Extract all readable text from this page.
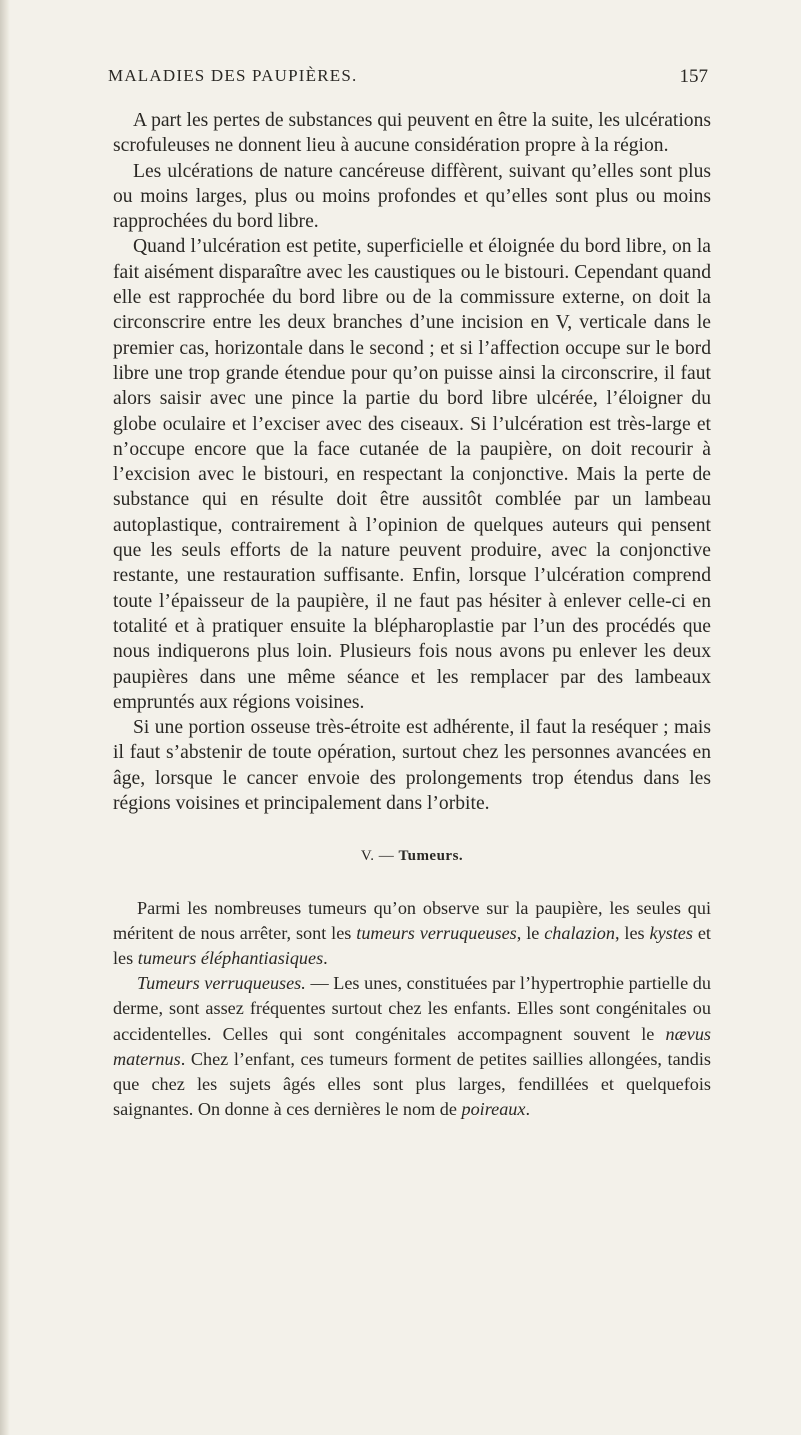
MALADIES DES PAUPIÈRES.	157

A part les pertes de substances qui peuvent en être la suite, les ulcérations scrofuleuses ne donnent lieu à aucune considération propre à la région.

Les ulcérations de nature cancéreuse diffèrent, suivant qu’elles sont plus ou moins larges, plus ou moins profondes et qu’elles sont plus ou moins rapprochées du bord libre.

Quand l’ulcération est petite, superficielle et éloignée du bord libre, on la fait aisément disparaître avec les caustiques ou le bistouri. Cependant quand elle est rapprochée du bord libre ou de la commissure externe, on doit la circonscrire entre les deux branches d’une incision en V, verticale dans le premier cas, horizontale dans le second ; et si l’affection occupe sur le bord libre une trop grande étendue pour qu’on puisse ainsi la circonscrire, il faut alors saisir avec une pince la partie du bord libre ulcérée, l’éloigner du globe oculaire et l’exciser avec des ciseaux. Si l’ulcération est très-large et n’occupe encore que la face cutanée de la paupière, on doit recourir à l’excision avec le bistouri, en respectant la conjonctive. Mais la perte de substance qui en résulte doit être aussitôt comblée par un lambeau autoplastique, contrairement à l’opinion de quelques auteurs qui pensent que les seuls efforts de la nature peuvent produire, avec la conjonctive restante, une restauration suffisante. Enfin, lorsque l’ulcération comprend toute l’épaisseur de la paupière, il ne faut pas hésiter à enlever celle-ci en totalité et à pratiquer ensuite la blépharoplastie par l’un des procédés que nous indiquerons plus loin. Plusieurs fois nous avons pu enlever les deux paupières dans une même séance et les remplacer par des lambeaux empruntés aux régions voisines.

Si une portion osseuse très-étroite est adhérente, il faut la reséquer ; mais il faut s’abstenir de toute opération, surtout chez les personnes avancées en âge, lorsque le cancer envoie des prolongements trop étendus dans les régions voisines et principalement dans l’orbite.

V. — Tumeurs.

Parmi les nombreuses tumeurs qu’on observe sur la paupière, les seules qui méritent de nous arrêter, sont les tumeurs verruqueuses, le chalazion, les kystes et les tumeurs éléphantiasiques.

Tumeurs verruqueuses. — Les unes, constituées par l’hypertrophie partielle du derme, sont assez fréquentes surtout chez les enfants. Elles sont congénitales ou accidentelles. Celles qui sont congénitales accompagnent souvent le nævus maternus. Chez l’enfant, ces tumeurs forment de petites saillies allongées, tandis que chez les sujets âgés elles sont plus larges, fendillées et quelquefois saignantes. On donne à ces dernières le nom de poireaux.
